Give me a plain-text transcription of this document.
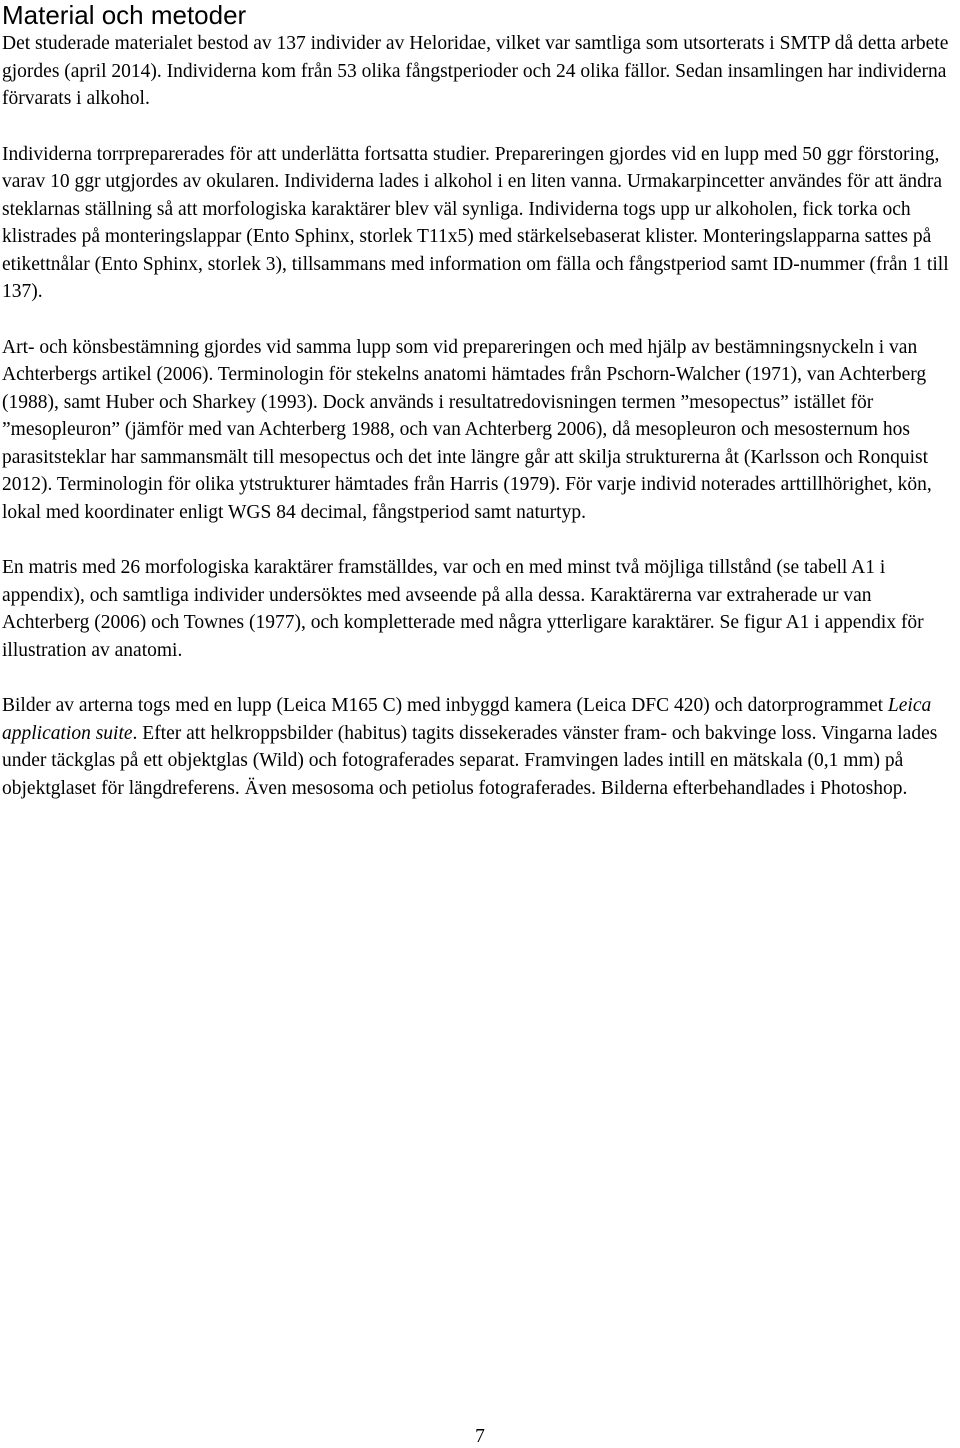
Material och metoder

Det studerade materialet bestod av 137 individer av Heloridae, vilket var samtliga som utsorterats i SMTP då detta arbete gjordes (april 2014). Individerna kom från 53 olika fångstperioder och 24 olika fällor. Sedan insamlingen har individerna förvarats i alkohol.

Individerna torrpreparerades för att underlätta fortsatta studier. Prepareringen gjordes vid en lupp med 50 ggr förstoring, varav 10 ggr utgjordes av okularen. Individerna lades i alkohol i en liten vanna. Urmakarpincetter användes för att ändra steklarnas ställning så att morfologiska karaktärer blev väl synliga. Individerna togs upp ur alkoholen, fick torka och klistrades på monteringslappar (Ento Sphinx, storlek T11x5) med stärkelsebaserat klister. Monteringslapparna sattes på etikettnålar (Ento Sphinx, storlek 3), tillsammans med information om fälla och fångstperiod samt ID-nummer (från 1 till 137).

Art- och könsbestämning gjordes vid samma lupp som vid prepareringen och med hjälp av bestämningsnyckeln i van Achterbergs artikel (2006). Terminologin för stekelns anatomi hämtades från Pschorn-Walcher (1971), van Achterberg (1988), samt Huber och Sharkey (1993). Dock används i resultatredovisningen termen ”mesopectus” istället för ”mesopleuron” (jämför med van Achterberg 1988, och van Achterberg 2006), då mesopleuron och mesosternum hos parasitsteklar har sammansmält till mesopectus och det inte längre går att skilja strukturerna åt (Karlsson och Ronquist 2012). Terminologin för olika ytstrukturer hämtades från Harris (1979). För varje individ noterades arttillhörighet, kön, lokal med koordinater enligt WGS 84 decimal, fångstperiod samt naturtyp.

En matris med 26 morfologiska karaktärer framställdes, var och en med minst två möjliga tillstånd (se tabell A1 i appendix), och samtliga individer undersöktes med avseende på alla dessa. Karaktärerna var extraherade ur van Achterberg (2006) och Townes (1977), och kompletterade med några ytterligare karaktärer. Se figur A1 i appendix för illustration av anatomi.

Bilder av arterna togs med en lupp (Leica M165 C) med inbyggd kamera (Leica DFC 420) och datorprogrammet Leica application suite. Efter att helkroppsbilder (habitus) tagits dissekerades vänster fram- och bakvinge loss. Vingarna lades under täckglas på ett objektglas (Wild) och fotograferades separat. Framvingen lades intill en mätskala (0,1 mm) på objektglaset för längdreferens. Även mesosoma och petiolus fotograferades. Bilderna efterbehandlades i Photoshop.

7
